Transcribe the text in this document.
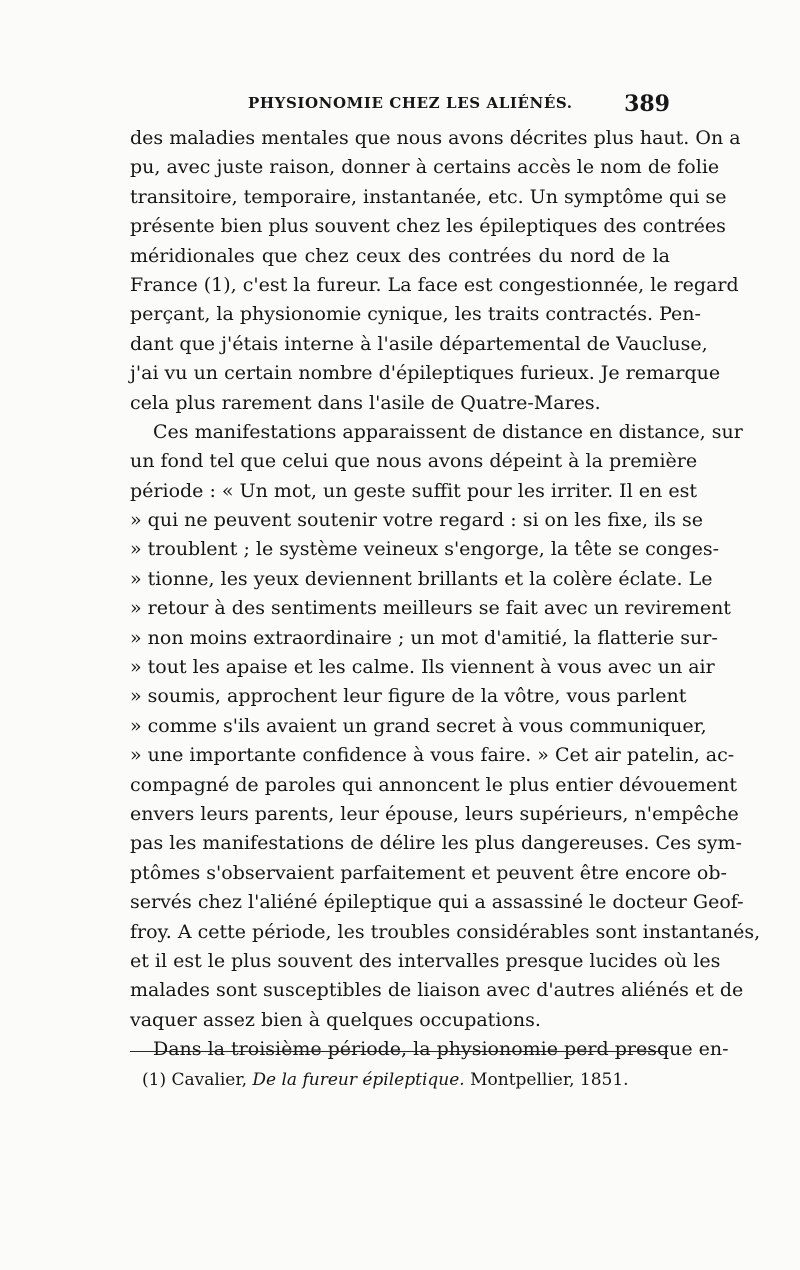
PHYSIONOMIE CHEZ LES ALIÉNÉS. 389
des maladies mentales que nous avons décrites plus haut. On a
pu, avec juste raison, donner à certains accès le nom de folie
transitoire, temporaire, instantanée, etc. Un symptôme qui se
présente bien plus souvent chez les épileptiques des contrées
méridionales que chez ceux des contrées du nord de la
France (1), c'est la fureur. La face est congestionnée, le regard
perçant, la physionomie cynique, les traits contractés. Pen-
dant que j'étais interne à l'asile départemental de Vaucluse,
j'ai vu un certain nombre d'épileptiques furieux. Je remarque
cela plus rarement dans l'asile de Quatre-Mares.
Ces manifestations apparaissent de distance en distance, sur
un fond tel que celui que nous avons dépeint à la première
période : « Un mot, un geste suffit pour les irriter. Il en est
» qui ne peuvent soutenir votre regard : si on les fixe, ils se
» troublent ; le système veineux s'engorge, la tête se conges-
» tionne, les yeux deviennent brillants et la colère éclate. Le
» retour à des sentiments meilleurs se fait avec un revirement
» non moins extraordinaire ; un mot d'amitié, la flatterie sur-
» tout les apaise et les calme. Ils viennent à vous avec un air
» soumis, approchent leur figure de la vôtre, vous parlent
» comme s'ils avaient un grand secret à vous communiquer,
» une importante confidence à vous faire. » Cet air patelin, ac-
compagné de paroles qui annoncent le plus entier dévouement
envers leurs parents, leur épouse, leurs supérieurs, n'empêche
pas les manifestations de délire les plus dangereuses. Ces sym-
ptômes s'observaient parfaitement et peuvent être encore ob-
servés chez l'aliéné épileptique qui a assassiné le docteur Geof-
froy. A cette période, les troubles considérables sont instantanés,
et il est le plus souvent des intervalles presque lucides où les
malades sont susceptibles de liaison avec d'autres aliénés et de
vaquer assez bien à quelques occupations.
Dans la troisième période, la physionomie perd presque en-
(1) Cavalier, De la fureur épileptique. Montpellier, 1851.
